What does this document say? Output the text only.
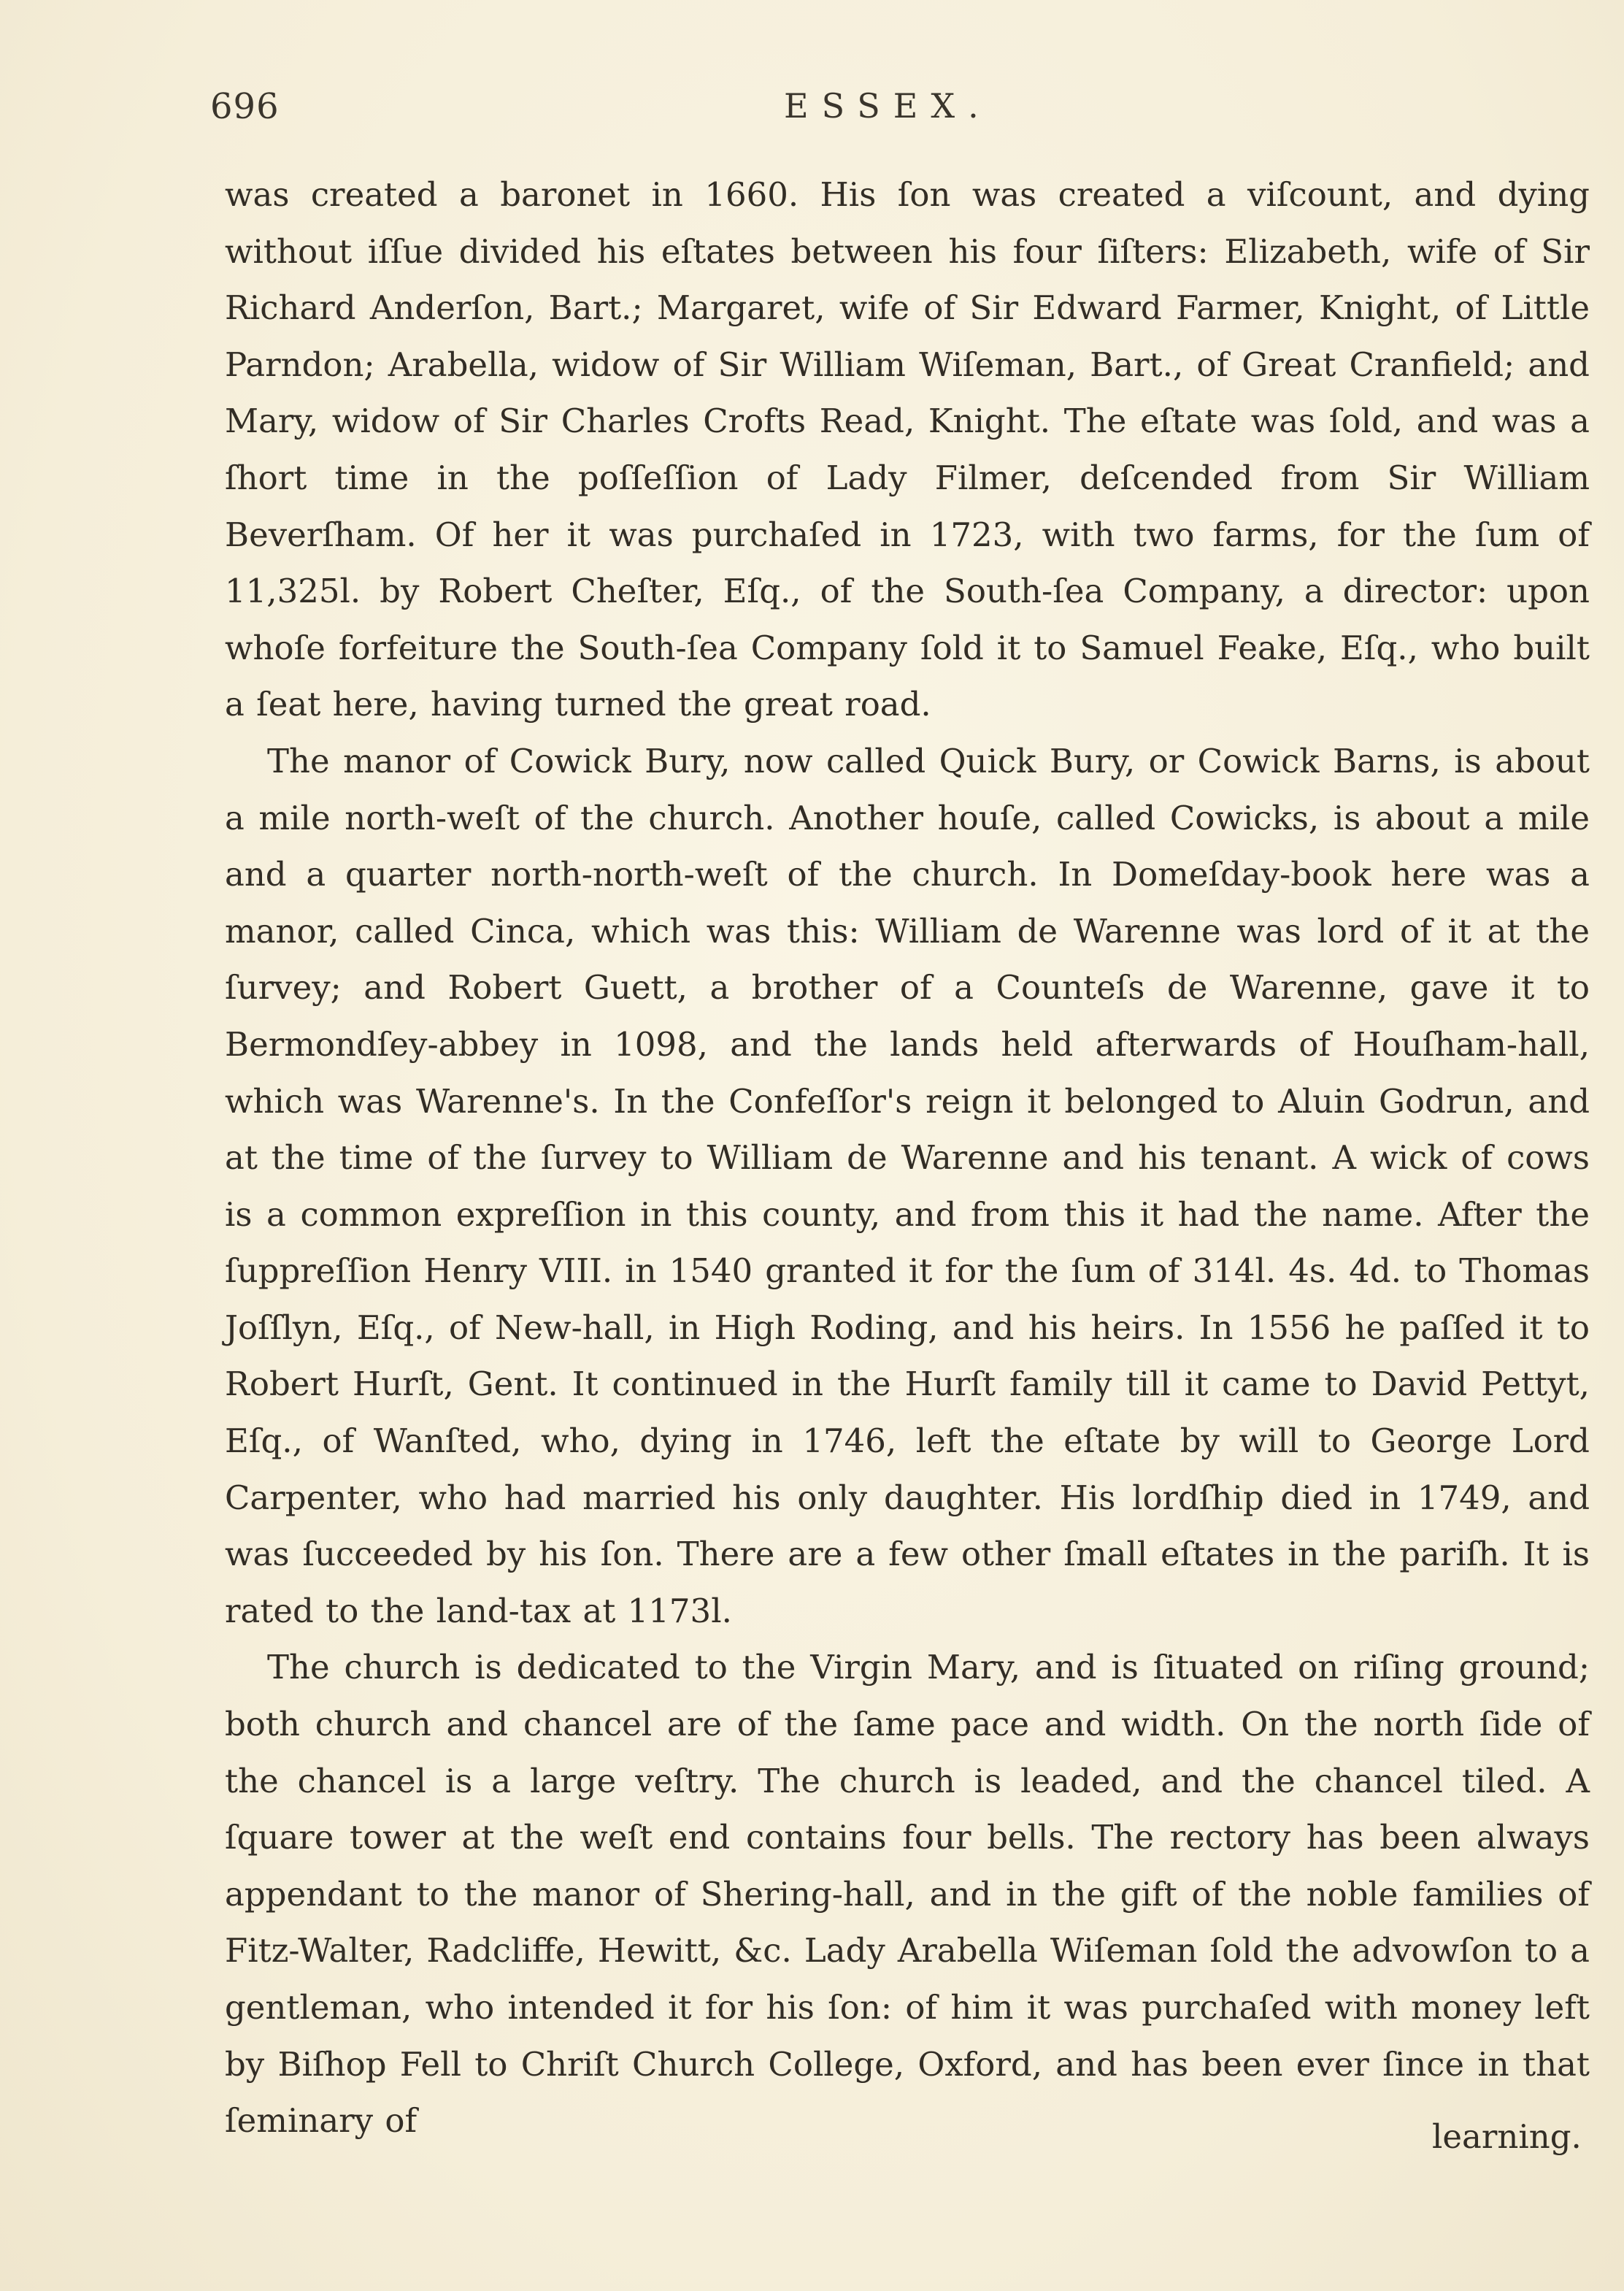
696	ESSEX.

was created a baronet in 1660. His ſon was created a viſcount, and dying without iſſue divided his eſtates between his four ſiſters: Elizabeth, wife of Sir Richard Anderſon, Bart.; Margaret, wife of Sir Edward Farmer, Knight, of Little Parndon; Arabella, widow of Sir William Wiſeman, Bart., of Great Cranfield; and Mary, widow of Sir Charles Crofts Read, Knight. The eſtate was ſold, and was a ſhort time in the poſſeſſion of Lady Filmer, deſcended from Sir William Beverſham. Of her it was purchaſed in 1723, with two farms, for the ſum of 11,325l. by Robert Cheſter, Eſq., of the South-ſea Company, a director: upon whoſe forfeiture the South-ſea Company ſold it to Samuel Feake, Eſq., who built a ſeat here, having turned the great road.

The manor of Cowick Bury, now called Quick Bury, or Cowick Barns, is about a mile north-weſt of the church. Another houſe, called Cowicks, is about a mile and a quarter north-north-weſt of the church. In Domeſday-book here was a manor, called Cinca, which was this: William de Warenne was lord of it at the ſurvey; and Robert Guett, a brother of a Counteſs de Warenne, gave it to Bermondſey-abbey in 1098, and the lands held afterwards of Houſham-hall, which was Warenne's. In the Confeſſor's reign it belonged to Aluin Godrun, and at the time of the ſurvey to William de Warenne and his tenant. A wick of cows is a common expreſſion in this county, and from this it had the name. After the ſuppreſſion Henry VIII. in 1540 granted it for the ſum of 314l. 4s. 4d. to Thomas Joſſlyn, Eſq., of New-hall, in High Roding, and his heirs. In 1556 he paſſed it to Robert Hurſt, Gent. It continued in the Hurſt family till it came to David Pettyt, Eſq., of Wanſted, who, dying in 1746, left the eſtate by will to George Lord Carpenter, who had married his only daughter. His lordſhip died in 1749, and was ſucceeded by his ſon. There are a few other ſmall eſtates in the pariſh. It is rated to the land-tax at 1173l.

The church is dedicated to the Virgin Mary, and is ſituated on riſing ground; both church and chancel are of the ſame pace and width. On the north ſide of the chancel is a large veſtry. The church is leaded, and the chancel tiled. A ſquare tower at the weſt end contains four bells. The rectory has been always appendant to the manor of Shering-hall, and in the gift of the noble families of Fitz-Walter, Radcliffe, Hewitt, &c. Lady Arabella Wiſeman ſold the advowſon to a gentleman, who intended it for his ſon: of him it was purchaſed with money left by Biſhop Fell to Chriſt Church College, Oxford, and has been ever ſince in that ſeminary of	learning.
